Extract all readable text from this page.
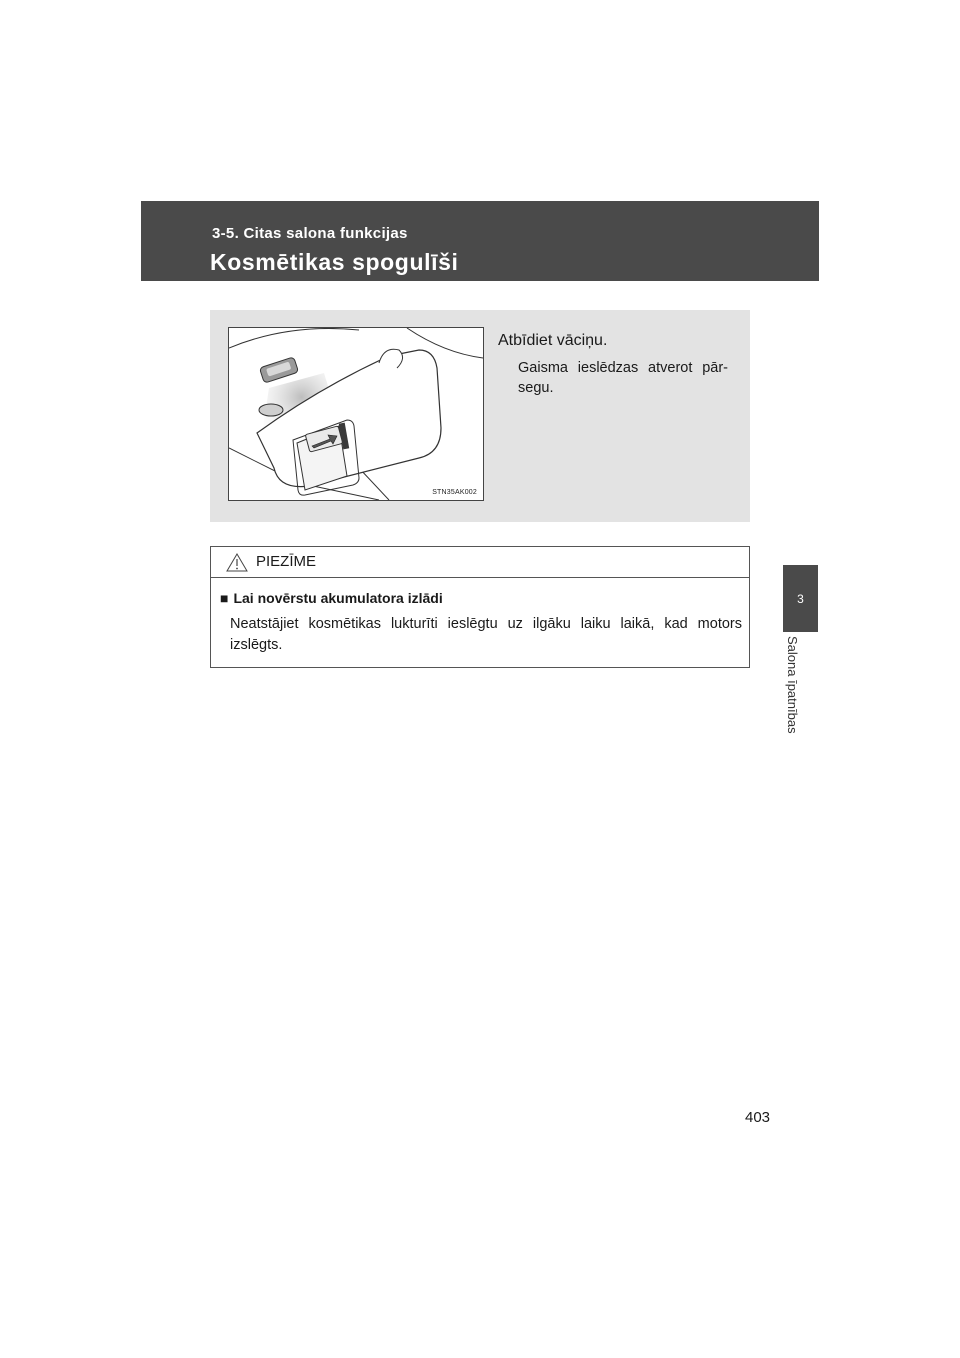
3-5. Citas salona funkcijas
Kosmētikas spogulīši
3
Salona īpatnības
STN35AK002
Atbīdiet vāciņu.
Gaisma ieslēdzas atverot pār-segu.
PIEZĪME
■ Lai novērstu akumulatora izlādi
Neatstājiet kosmētikas lukturīti ieslēgtu uz ilgāku laiku laikā, kad motors izslēgts.
403
